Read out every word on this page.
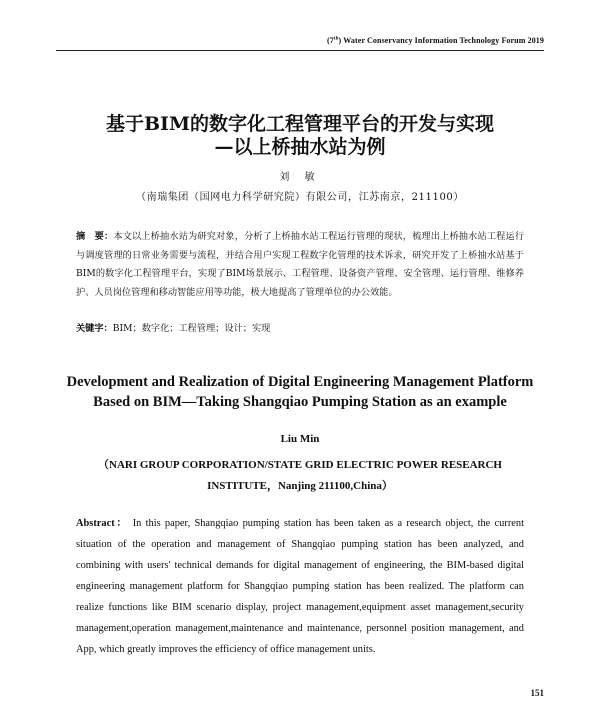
(7th) Water Conservancy Information Technology Forum 2019
基于BIM的数字化工程管理平台的开发与实现
—以上桥抽水站为例
刘 敏
（南瑞集团（国网电力科学研究院）有限公司，江苏南京，211100）
摘　要：本文以上桥抽水站为研究对象，分析了上桥抽水站工程运行管理的现状，梳理出上桥抽水站工程运行与调度管理的日常业务需要与流程，并结合用户实现工程数字化管理的技术诉求，研究开发了上桥抽水站基于BIM的数字化工程管理平台，实现了BIM场景展示、工程管理、设备资产管理、安全管理、运行管理、维修养护、人员岗位管理和移动智能应用等功能，极大地提高了管理单位的办公效能。
关键字：BIM；数字化；工程管理；设计；实现
Development and Realization of Digital Engineering Management Platform Based on BIM—Taking Shangqiao Pumping Station as an example
Liu Min
（NARI GROUP CORPORATION/STATE GRID ELECTRIC POWER RESEARCH INSTITUTE，Nanjing 211100,China）
Abstract： In this paper, Shangqiao pumping station has been taken as a research object, the current situation of the operation and management of Shangqiao pumping station has been analyzed, and combining with users' technical demands for digital management of engineering, the BIM-based digital engineering management platform for Shangqiao pumping station has been realized. The platform can realize functions like BIM scenario display, project management,equipment asset management,security management,operation management,maintenance and maintenance, personnel position management, and App, which greatly improves the efficiency of office management units.
151
